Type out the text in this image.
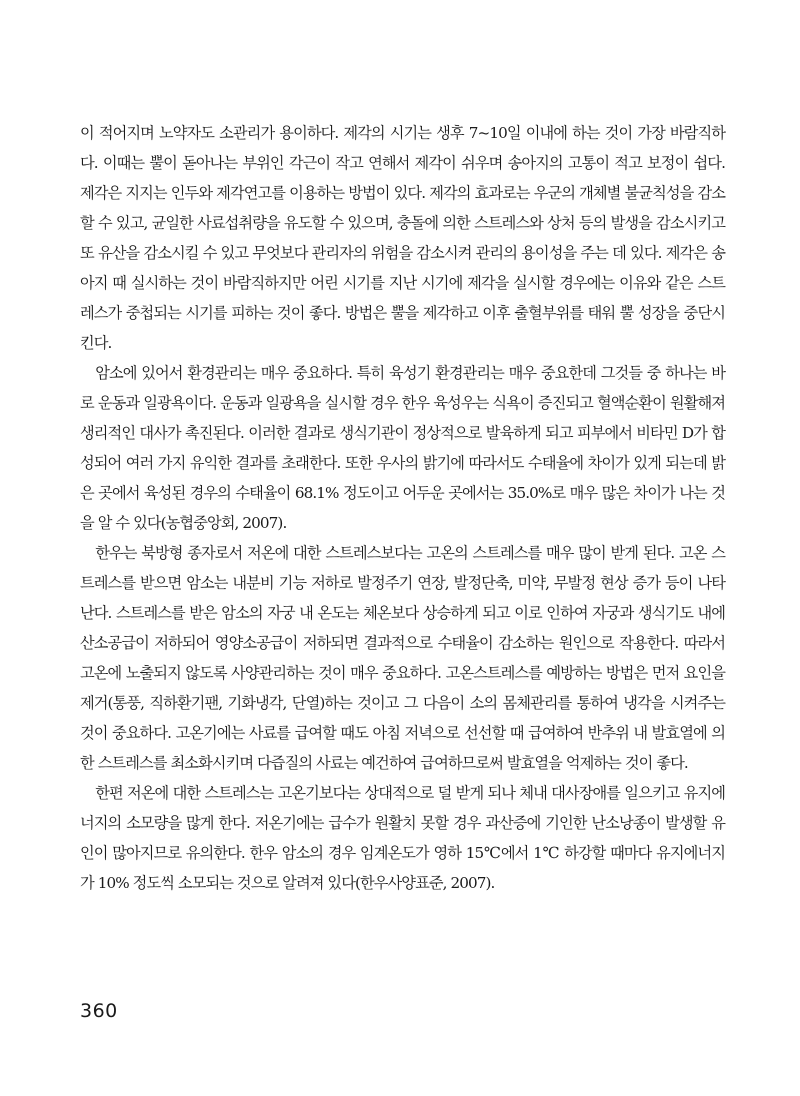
이 적어지며 노약자도 소관리가 용이하다. 제각의 시기는 생후 7~10일 이내에 하는 것이 가장 바람직하다. 이때는 뿔이 돋아나는 부위인 각근이 작고 연해서 제각이 쉬우며 송아지의 고통이 적고 보정이 쉽다. 제각은 지지는 인두와 제각연고를 이용하는 방법이 있다. 제각의 효과로는 우군의 개체별 불균칙성을 감소할 수 있고, 균일한 사료섭취량을 유도할 수 있으며, 충돌에 의한 스트레스와 상처 등의 발생을 감소시키고 또 유산을 감소시킬 수 있고 무엇보다 관리자의 위험을 감소시켜 관리의 용이성을 주는 데 있다. 제각은 송아지 때 실시하는 것이 바람직하지만 어린 시기를 지난 시기에 제각을 실시할 경우에는 이유와 같은 스트레스가 중첩되는 시기를 피하는 것이 좋다. 방법은 뿔을 제각하고 이후 출혈부위를 태워 뿔 성장을 중단시킨다.

암소에 있어서 환경관리는 매우 중요하다. 특히 육성기 환경관리는 매우 중요한데 그것들 중 하나는 바로 운동과 일광욕이다. 운동과 일광욕을 실시할 경우 한우 육성우는 식욕이 증진되고 혈액순환이 원활해져 생리적인 대사가 촉진된다. 이러한 결과로 생식기관이 정상적으로 발육하게 되고 피부에서 비타민 D가 합성되어 여러 가지 유익한 결과를 초래한다. 또한 우사의 밝기에 따라서도 수태율에 차이가 있게 되는데 밝은 곳에서 육성된 경우의 수태율이 68.1% 정도이고 어두운 곳에서는 35.0%로 매우 많은 차이가 나는 것을 알 수 있다(농협중앙회, 2007).

한우는 북방형 종자로서 저온에 대한 스트레스보다는 고온의 스트레스를 매우 많이 받게 된다. 고온 스트레스를 받으면 암소는 내분비 기능 저하로 발정주기 연장, 발정단축, 미약, 무발정 현상 증가 등이 나타난다. 스트레스를 받은 암소의 자궁 내 온도는 체온보다 상승하게 되고 이로 인하여 자궁과 생식기도 내에 산소공급이 저하되어 영양소공급이 저하되면 결과적으로 수태율이 감소하는 원인으로 작용한다. 따라서 고온에 노출되지 않도록 사양관리하는 것이 매우 중요하다. 고온스트레스를 예방하는 방법은 먼저 요인을 제거(통풍, 직하환기팬, 기화냉각, 단열)하는 것이고 그 다음이 소의 몸체관리를 통하여 냉각을 시켜주는 것이 중요하다. 고온기에는 사료를 급여할 때도 아침 저녁으로 선선할 때 급여하여 반추위 내 발효열에 의한 스트레스를 최소화시키며 다즙질의 사료는 예건하여 급여하므로써 발효열을 억제하는 것이 좋다.

한편 저온에 대한 스트레스는 고온기보다는 상대적으로 덜 받게 되나 체내 대사장애를 일으키고 유지에너지의 소모량을 많게 한다. 저온기에는 급수가 원활치 못할 경우 과산증에 기인한 난소낭종이 발생할 유인이 많아지므로 유의한다. 한우 암소의 경우 임계온도가 영하 15℃에서 1℃ 하강할 때마다 유지에너지가 10% 정도씩 소모되는 것으로 알려져 있다(한우사양표준, 2007).

360
